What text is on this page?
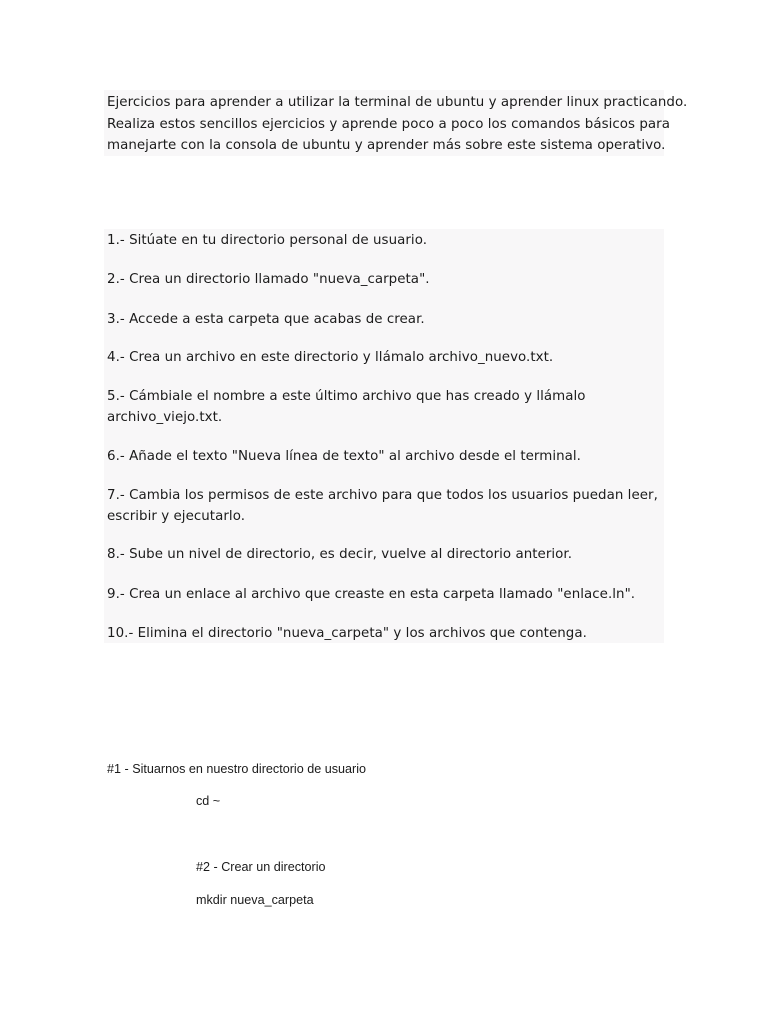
Ejercicios para aprender a utilizar la terminal de ubuntu y aprender linux practicando.
Realiza estos sencillos ejercicios y aprende poco a poco los comandos básicos para
manejarte con la consola de ubuntu y aprender más sobre este sistema operativo.
1.- Sitúate en tu directorio personal de usuario.
2.- Crea un directorio llamado "nueva_carpeta".
3.- Accede a esta carpeta que acabas de crear.
4.- Crea un archivo en este directorio y llámalo archivo_nuevo.txt.
5.- Cámbiale el nombre a este último archivo que has creado y llámalo
archivo_viejo.txt.
6.- Añade el texto "Nueva línea de texto" al archivo desde el terminal.
7.- Cambia los permisos de este archivo para que todos los usuarios puedan leer,
escribir y ejecutarlo.
8.- Sube un nivel de directorio, es decir, vuelve al directorio anterior.
9.- Crea un enlace al archivo que creaste en esta carpeta llamado "enlace.ln".
10.- Elimina el directorio "nueva_carpeta" y los archivos que contenga.
#1 - Situarnos en nuestro directorio de usuario
cd ~
#2 - Crear un directorio
mkdir nueva_carpeta
